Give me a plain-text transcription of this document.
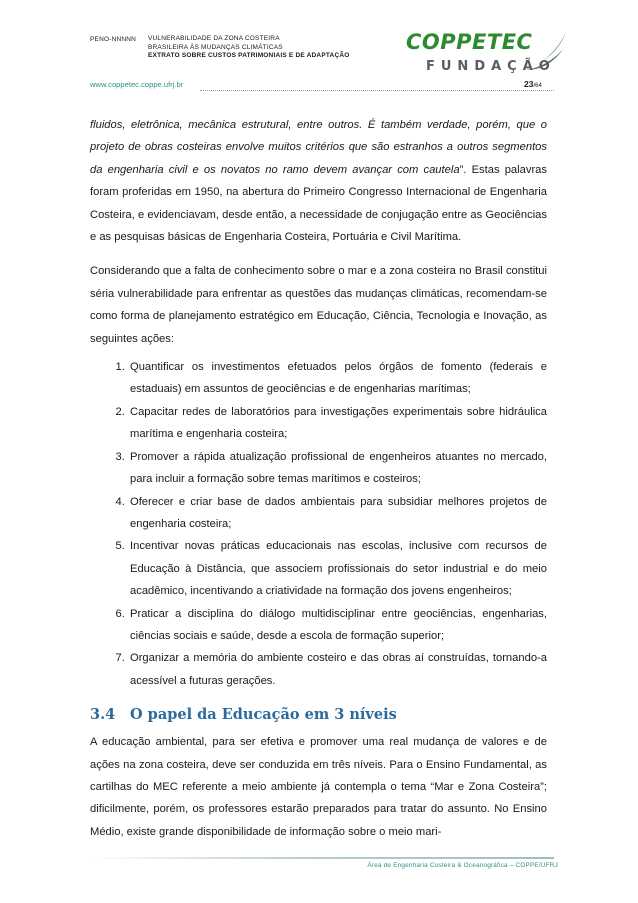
PENO-NNNNN VULNERABILIDADE DA ZONA COSTEIRA
BRASILEIRA ÀS MUDANÇAS CLIMÁTICAS
EXTRATO SOBRE CUSTOS PATRIMONIAIS E DE ADAPTAÇÃO
COPPETEC
FUNDAÇÃO
www.coppetec.coppe.ufrj.br	23/64

fluidos, eletrônica, mecânica estrutural, entre outros. É também verdade, porém, que o projeto de obras costeiras envolve muitos critérios que são estranhos a outros segmentos da engenharia civil e os novatos no ramo devem avançar com cautela”. Estas palavras foram proferidas em 1950, na abertura do Primeiro Congresso Internacional de Engenharia Costeira, e evidenciavam, desde então, a necessidade de conjugação entre as Geociências e as pesquisas básicas de Engenharia Costeira, Portuária e Civil Marítima.

Considerando que a falta de conhecimento sobre o mar e a zona costeira no Brasil constitui séria vulnerabilidade para enfrentar as questões das mudanças climáticas, recomendam-se como forma de planejamento estratégico em Educação, Ciência, Tecnologia e Inovação, as seguintes ações:

1. Quantificar os investimentos efetuados pelos órgãos de fomento (federais e estaduais) em assuntos de geociências e de engenharias marítimas;
2. Capacitar redes de laboratórios para investigações experimentais sobre hidráulica marítima e engenharia costeira;
3. Promover a rápida atualização profissional de engenheiros atuantes no mercado, para incluir a formação sobre temas marítimos e costeiros;
4. Oferecer e criar base de dados ambientais para subsidiar melhores projetos de engenharia costeira;
5. Incentivar novas práticas educacionais nas escolas, inclusive com recursos de Educação à Distância, que associem profissionais do setor industrial e do meio acadêmico, incentivando a criatividade na formação dos jovens engenheiros;
6. Praticar a disciplina do diálogo multidisciplinar entre geociências, engenharias, ciências sociais e saúde, desde a escola de formação superior;
7. Organizar a memória do ambiente costeiro e das obras aí construídas, tornando-a acessível a futuras gerações.
3.4 O papel da Educação em 3 níveis

A educação ambiental, para ser efetiva e promover uma real mudança de valores e de ações na zona costeira, deve ser conduzida em três níveis. Para o Ensino Fundamental, as cartilhas do MEC referente a meio ambiente já contempla o tema “Mar e Zona Costeira”; dificilmente, porém, os professores estarão preparados para tratar do assunto. No Ensino Médio, existe grande disponibilidade de informação sobre o meio mari-

Área de Engenharia Costeira & Oceanográfica – COPPE/UFRJ
